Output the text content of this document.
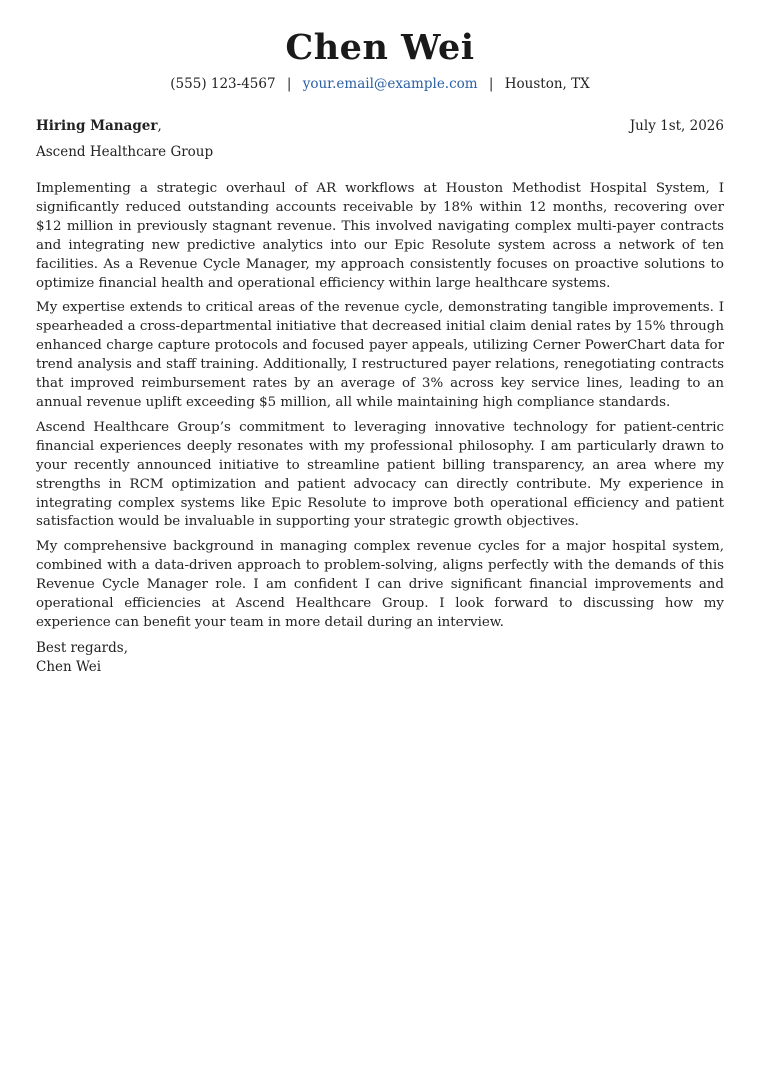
Chen Wei
(555) 123-4567 | your.email@example.com | Houston, TX
Hiring Manager,	July 1st, 2026
Ascend Healthcare Group

Implementing a strategic overhaul of AR workflows at Houston Methodist Hospital System, I significantly reduced outstanding accounts receivable by 18% within 12 months, recovering over $12 million in previously stagnant revenue. This involved navigating complex multi-payer contracts and integrating new predictive analytics into our Epic Resolute system across a network of ten facilities. As a Revenue Cycle Manager, my approach consistently focuses on proactive solutions to optimize financial health and operational efficiency within large healthcare systems.

My expertise extends to critical areas of the revenue cycle, demonstrating tangible improvements. I spearheaded a cross-departmental initiative that decreased initial claim denial rates by 15% through enhanced charge capture protocols and focused payer appeals, utilizing Cerner PowerChart data for trend analysis and staff training. Additionally, I restructured payer relations, renegotiating contracts that improved reimbursement rates by an average of 3% across key service lines, leading to an annual revenue uplift exceeding $5 million, all while maintaining high compliance standards.

Ascend Healthcare Group’s commitment to leveraging innovative technology for patient-centric financial experiences deeply resonates with my professional philosophy. I am particularly drawn to your recently announced initiative to streamline patient billing transparency, an area where my strengths in RCM optimization and patient advocacy can directly contribute. My experience in integrating complex systems like Epic Resolute to improve both operational efficiency and patient satisfaction would be invaluable in supporting your strategic growth objectives.

My comprehensive background in managing complex revenue cycles for a major hospital system, combined with a data-driven approach to problem-solving, aligns perfectly with the demands of this Revenue Cycle Manager role. I am confident I can drive significant financial improvements and operational efficiencies at Ascend Healthcare Group. I look forward to discussing how my experience can benefit your team in more detail during an interview.

Best regards,
Chen Wei
